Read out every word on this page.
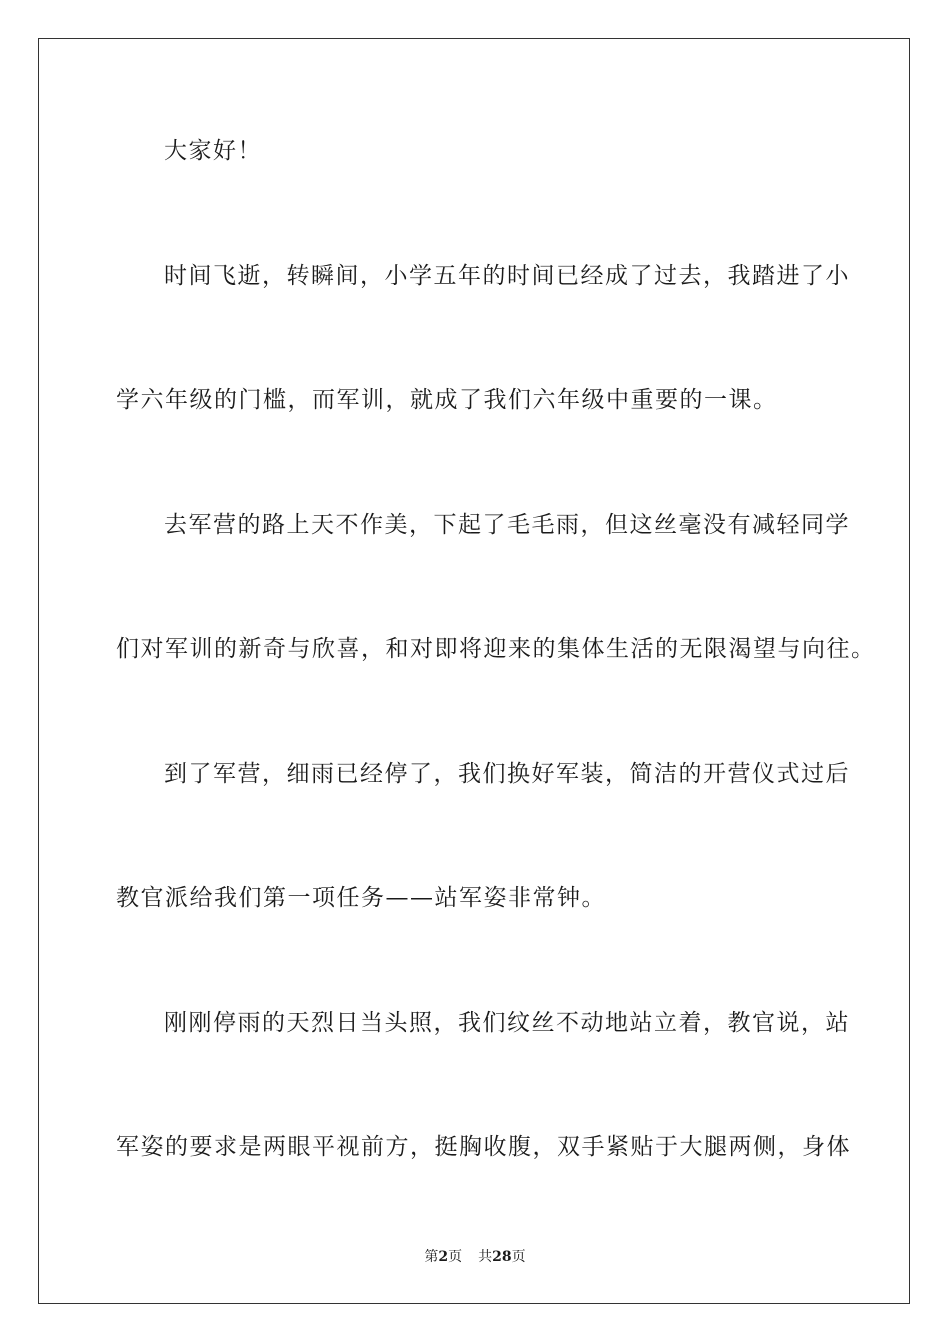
大家好！
时间飞逝，转瞬间，小学五年的时间已经成了过去，我踏进了小
学六年级的门槛，而军训，就成了我们六年级中重要的一课。
去军营的路上天不作美，下起了毛毛雨，但这丝毫没有减轻同学
们对军训的新奇与欣喜，和对即将迎来的集体生活的无限渴望与向往。
到了军营，细雨已经停了，我们换好军装，简洁的开营仪式过后
教官派给我们第一项任务——站军姿非常钟。
刚刚停雨的天烈日当头照，我们纹丝不动地站立着，教官说，站
军姿的要求是两眼平视前方，挺胸收腹，双手紧贴于大腿两侧，身体
第2页 共28页
